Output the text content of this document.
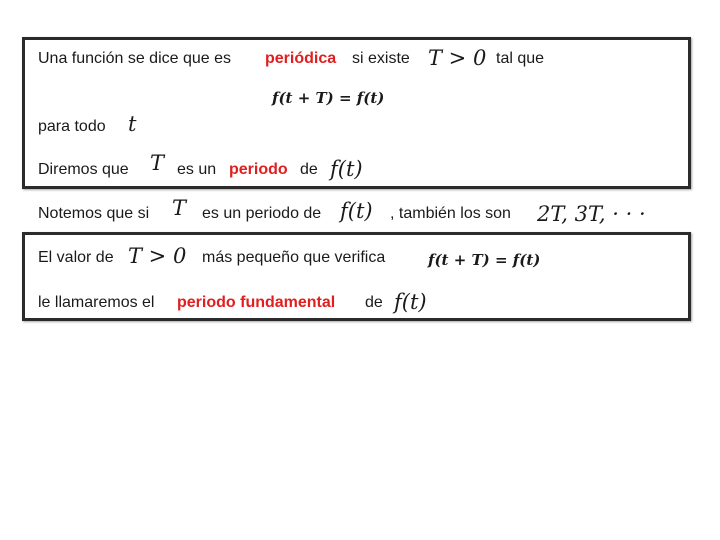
Una función se dice que es periódica si existe T > 0 tal que
f(t + T) = f(t)
para todo t
Diremos que T es un periodo de f(t)
Notemos que si T es un periodo de f(t) , también los son 2T, 3T, · · ·
El valor de T > 0 más pequeño que verifica	f(t + T) = f(t)
le llamaremos el periodo fundamental de f(t)
